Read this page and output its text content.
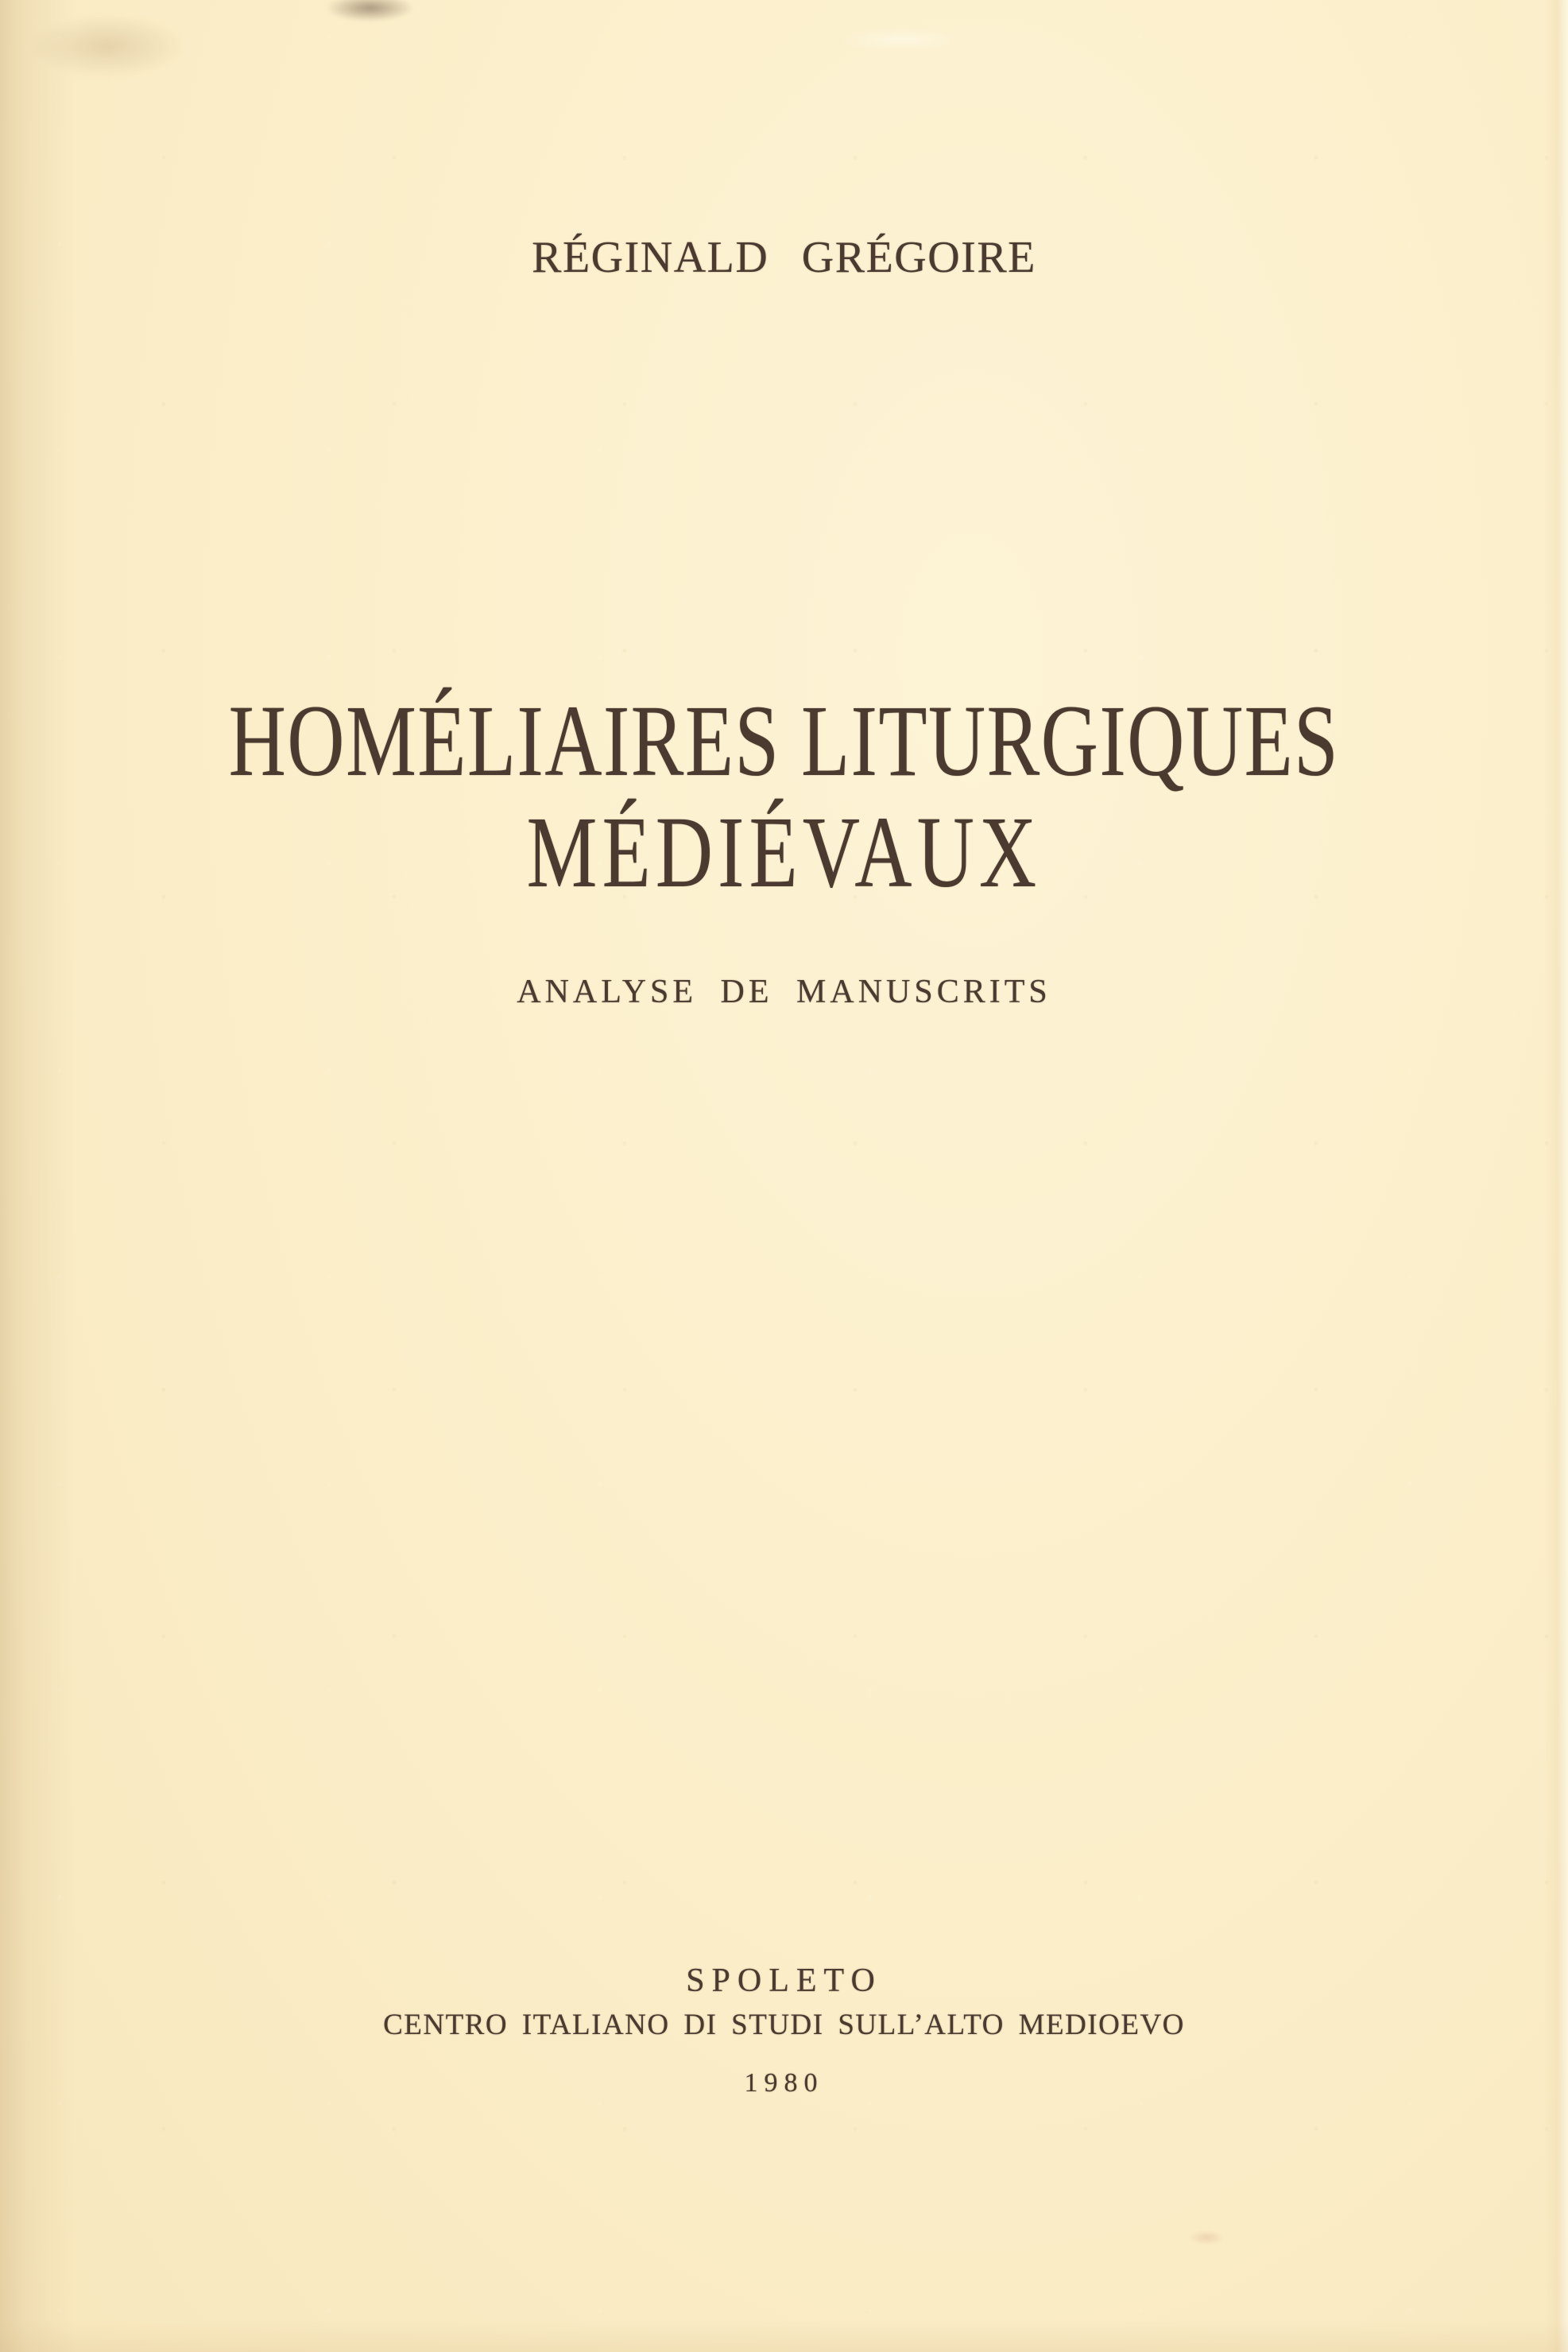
RÉGINALD GRÉGOIRE
HOMÉLIAIRES LITURGIQUES
MÉDIÉVAUX
ANALYSE DE MANUSCRITS
SPOLETO
CENTRO ITALIANO DI STUDI SULL’ALTO MEDIOEVO
1980
